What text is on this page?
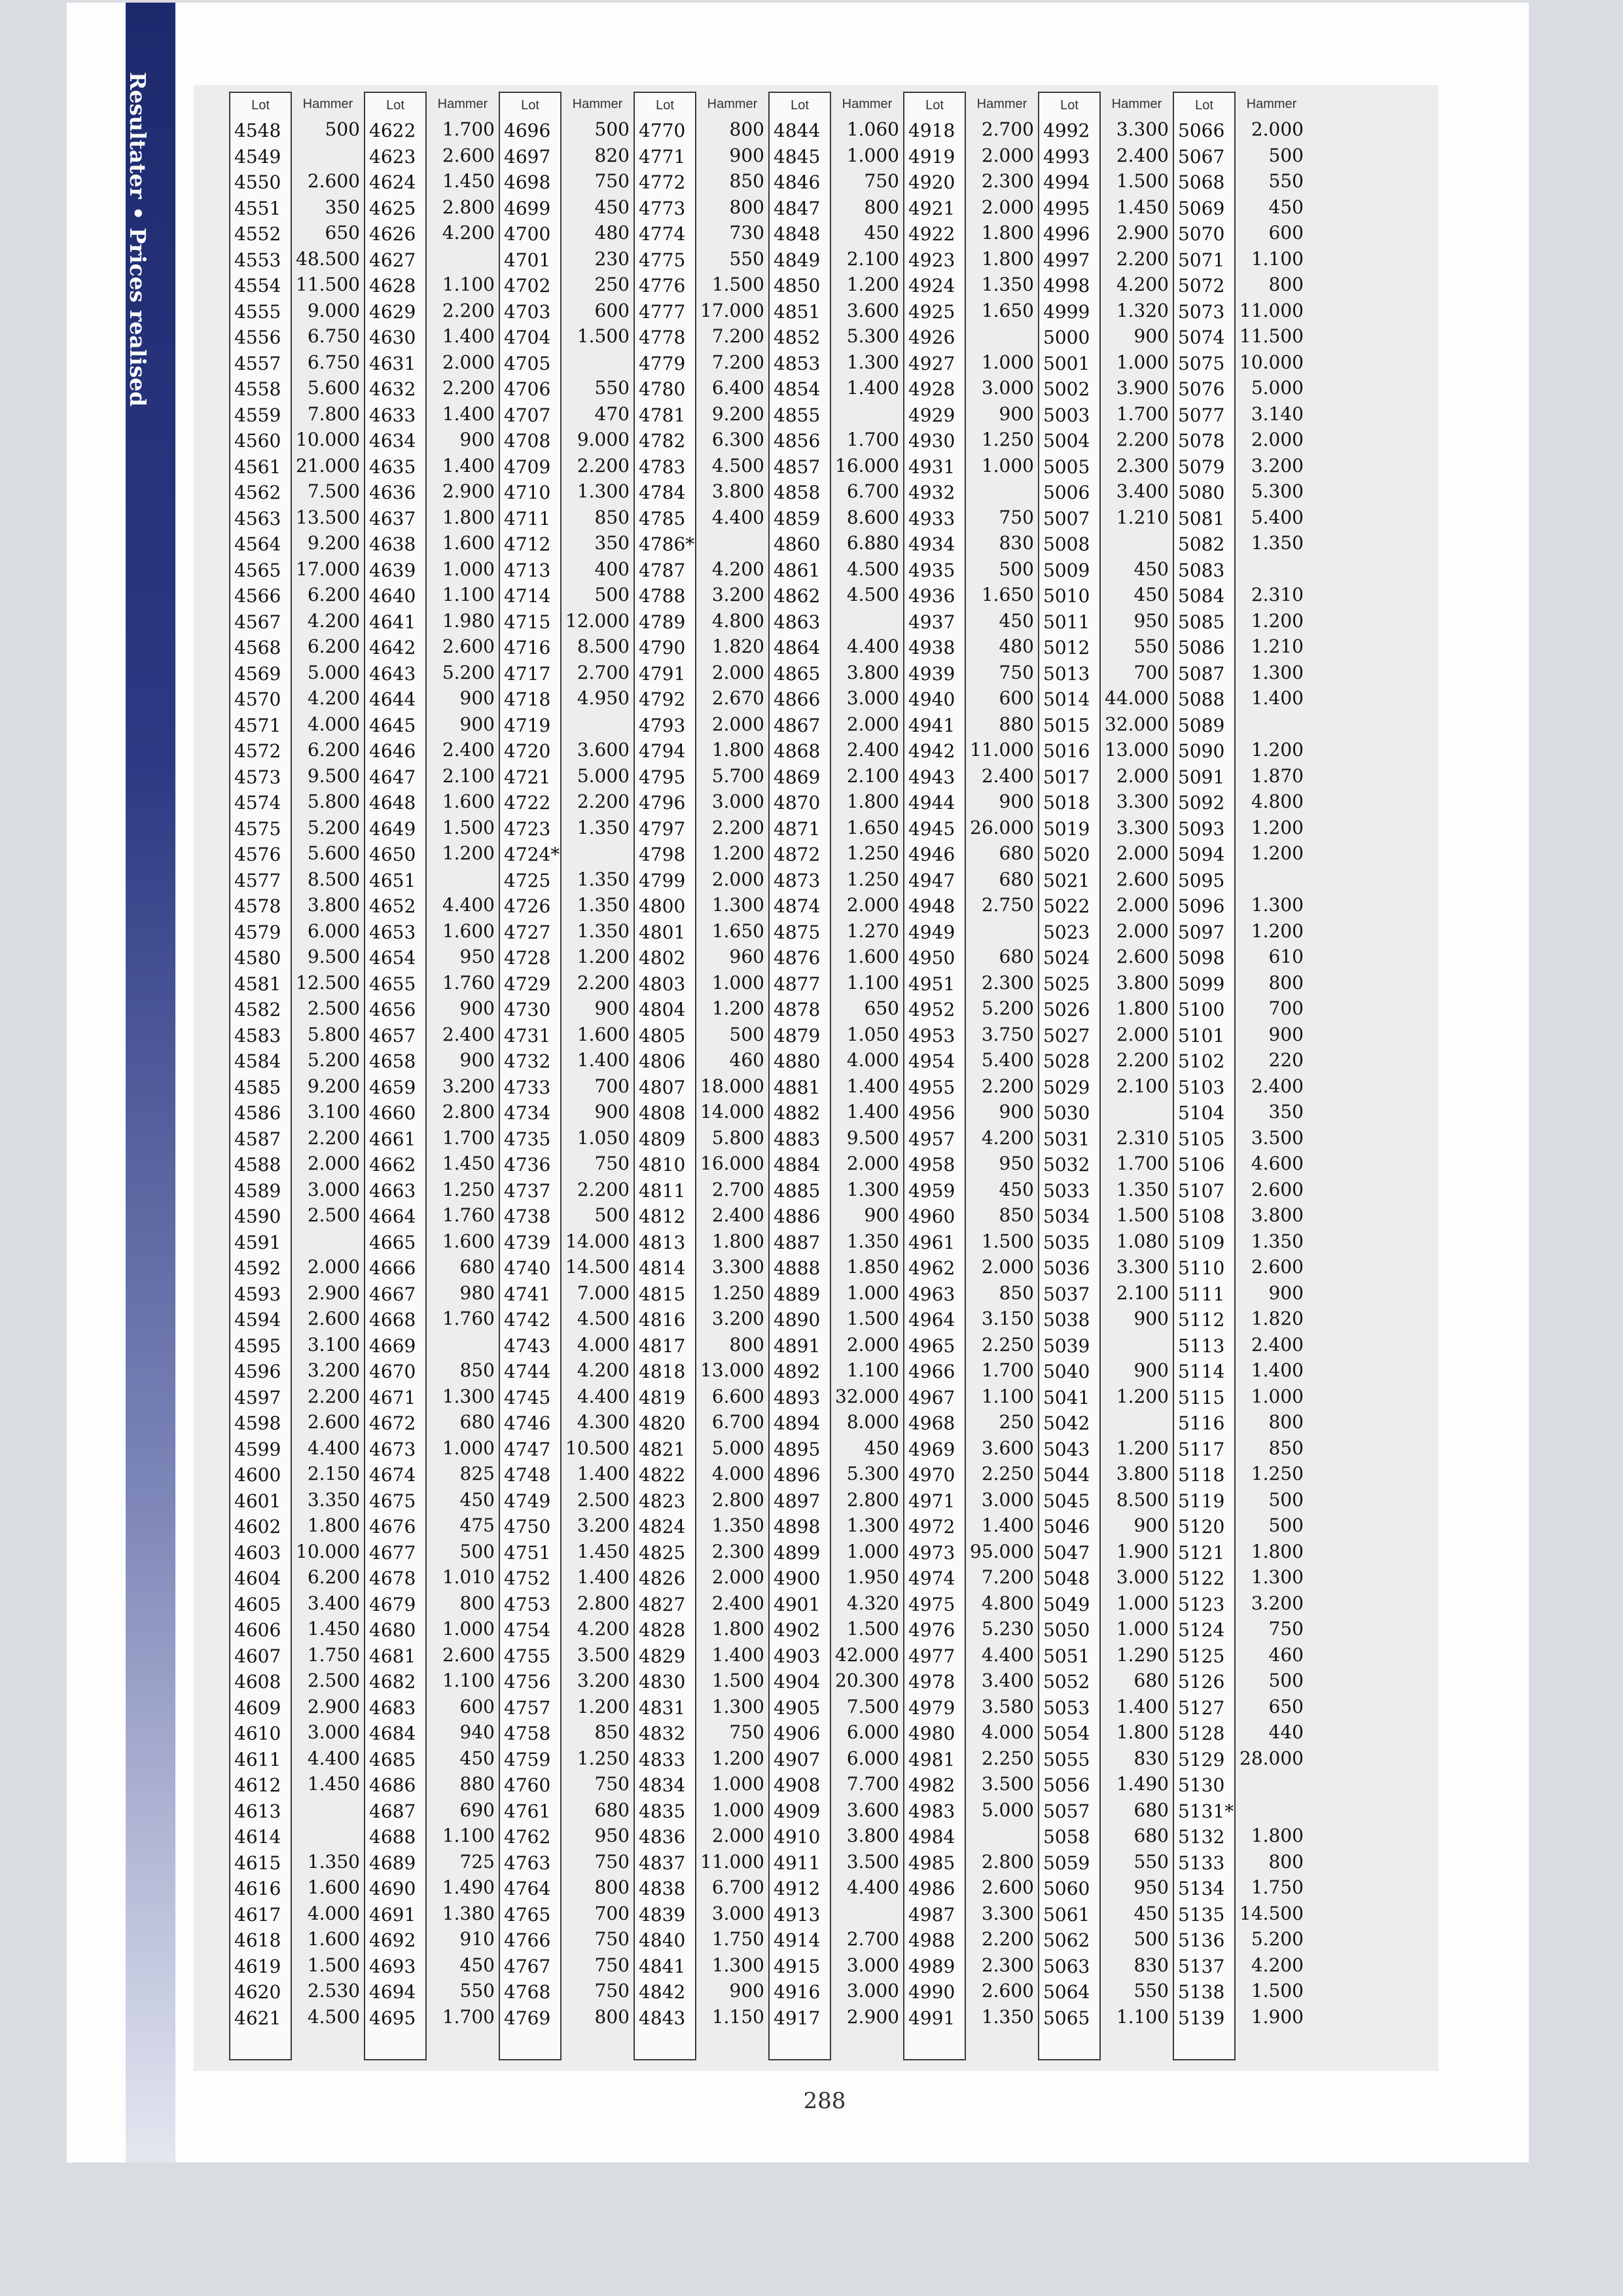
Resultater • Prices realised	Lot
4548
4549
4550
4551
4552
4553
4554
4555
4556
4557
4558
4559
4560
4561
4562
4563
4564
4565
4566
4567
4568
4569
4570
4571
4572
4573
4574
4575
4576
4577
4578
4579
4580
4581
4582
4583
4584
4585
4586
4587
4588
4589
4590
4591
4592
4593
4594
4595
4596
4597
4598
4599
4600
4601
4602
4603
4604
4605
4606
4607
4608
4609
4610
4611
4612
4613
4614
4615
4616
4617
4618
4619
4620
4621
Hammer
500
2.600
350
650
48.500
11.500
9.000
6.750
6.750
5.600
7.800
10.000
21.000
7.500
13.500
9.200
17.000
6.200
4.200
6.200
5.000
4.200
4.000
6.200
9.500
5.800
5.200
5.600
8.500
3.800
6.000
9.500
12.500
2.500
5.800
5.200
9.200
3.100
2.200
2.000
3.000
2.500
2.000
2.900
2.600
3.100
3.200
2.200
2.600
4.400
2.150
3.350
1.800
10.000
6.200
3.400
1.450
1.750
2.500
2.900
3.000
4.400
1.450
1.350
1.600
4.000
1.600
1.500
2.530
4.500
Lot
4622
4623
4624
4625
4626
4627
4628
4629
4630
4631
4632
4633
4634
4635
4636
4637
4638
4639
4640
4641
4642
4643
4644
4645
4646
4647
4648
4649
4650
4651
4652
4653
4654
4655
4656
4657
4658
4659
4660
4661
4662
4663
4664
4665
4666
4667
4668
4669
4670
4671
4672
4673
4674
4675
4676
4677
4678
4679
4680
4681
4682
4683
4684
4685
4686
4687
4688
4689
4690
4691
4692
4693
4694
4695
Hammer
1.700
2.600
1.450
2.800
4.200
1.100
2.200
1.400
2.000
2.200
1.400
900
1.400
2.900
1.800
1.600
1.000
1.100
1.980
2.600
5.200
900
900
2.400
2.100
1.600
1.500
1.200
4.400
1.600
950
1.760
900
2.400
900
3.200
2.800
1.700
1.450
1.250
1.760
1.600
680
980
1.760
850
1.300
680
1.000
825
450
475
500
1.010
800
1.000
2.600
1.100
600
940
450
880
690
1.100
725
1.490
1.380
910
450
550
1.700
Lot
4696
4697
4698
4699
4700
4701
4702
4703
4704
4705
4706
4707
4708
4709
4710
4711
4712
4713
4714
4715
4716
4717
4718
4719
4720
4721
4722
4723
4724*
4725
4726
4727
4728
4729
4730
4731
4732
4733
4734
4735
4736
4737
4738
4739
4740
4741
4742
4743
4744
4745
4746
4747
4748
4749
4750
4751
4752
4753
4754
4755
4756
4757
4758
4759
4760
4761
4762
4763
4764
4765
4766
4767
4768
4769
Hammer
500
820
750
450
480
230
250
600
1.500
550
470
9.000
2.200
1.300
850
350
400
500
12.000
8.500
2.700
4.950
3.600
5.000
2.200
1.350
1.350
1.350
1.350
1.200
2.200
900
1.600
1.400
700
900
1.050
750
2.200
500
14.000
14.500
7.000
4.500
4.000
4.200
4.400
4.300
10.500
1.400
2.500
3.200
1.450
1.400
2.800
4.200
3.500
3.200
1.200
850
1.250
750
680
950
750
800
700
750
750
750
800
Lot
4770
4771
4772
4773
4774
4775
4776
4777
4778
4779
4780
4781
4782
4783
4784
4785
4786*
4787
4788
4789
4790
4791
4792
4793
4794
4795
4796
4797
4798
4799
4800
4801
4802
4803
4804
4805
4806
4807
4808
4809
4810
4811
4812
4813
4814
4815
4816
4817
4818
4819
4820
4821
4822
4823
4824
4825
4826
4827
4828
4829
4830
4831
4832
4833
4834
4835
4836
4837
4838
4839
4840
4841
4842
4843
Hammer
800
900
850
800
730
550
1.500
17.000
7.200
7.200
6.400
9.200
6.300
4.500
3.800
4.400
4.200
3.200
4.800
1.820
2.000
2.670
2.000
1.800
5.700
3.000
2.200
1.200
2.000
1.300
1.650
960
1.000
1.200
500
460
18.000
14.000
5.800
16.000
2.700
2.400
1.800
3.300
1.250
3.200
800
13.000
6.600
6.700
5.000
4.000
2.800
1.350
2.300
2.000
2.400
1.800
1.400
1.500
1.300
750
1.200
1.000
1.000
2.000
11.000
6.700
3.000
1.750
1.300
900
1.150
Lot
4844
4845
4846
4847
4848
4849
4850
4851
4852
4853
4854
4855
4856
4857
4858
4859
4860
4861
4862
4863
4864
4865
4866
4867
4868
4869
4870
4871
4872
4873
4874
4875
4876
4877
4878
4879
4880
4881
4882
4883
4884
4885
4886
4887
4888
4889
4890
4891
4892
4893
4894
4895
4896
4897
4898
4899
4900
4901
4902
4903
4904
4905
4906
4907
4908
4909
4910
4911
4912
4913
4914
4915
4916
4917
Hammer
1.060
1.000
750
800
450
2.100
1.200
3.600
5.300
1.300
1.400
1.700
16.000
6.700
8.600
6.880
4.500
4.500
4.400
3.800
3.000
2.000
2.400
2.100
1.800
1.650
1.250
1.250
2.000
1.270
1.600
1.100
650
1.050
4.000
1.400
1.400
9.500
2.000
1.300
900
1.350
1.850
1.000
1.500
2.000
1.100
32.000
8.000
450
5.300
2.800
1.300
1.000
1.950
4.320
1.500
42.000
20.300
7.500
6.000
6.000
7.700
3.600
3.800
3.500
4.400
2.700
3.000
3.000
2.900
Lot
4918
4919
4920
4921
4922
4923
4924
4925
4926
4927
4928
4929
4930
4931
4932
4933
4934
4935
4936
4937
4938
4939
4940
4941
4942
4943
4944
4945
4946
4947
4948
4949
4950
4951
4952
4953
4954
4955
4956
4957
4958
4959
4960
4961
4962
4963
4964
4965
4966
4967
4968
4969
4970
4971
4972
4973
4974
4975
4976
4977
4978
4979
4980
4981
4982
4983
4984
4985
4986
4987
4988
4989
4990
4991
Hammer
2.700
2.000
2.300
2.000
1.800
1.800
1.350
1.650
1.000
3.000
900
1.250
1.000
750
830
500
1.650
450
480
750
600
880
11.000
2.400
900
26.000
680
680
2.750
680
2.300
5.200
3.750
5.400
2.200
900
4.200
950
450
850
1.500
2.000
850
3.150
2.250
1.700
1.100
250
3.600
2.250
3.000
1.400
95.000
7.200
4.800
5.230
4.400
3.400
3.580
4.000
2.250
3.500
5.000
2.800
2.600
3.300
2.200
2.300
2.600
1.350
Lot
4992
4993
4994
4995
4996
4997
4998
4999
5000
5001
5002
5003
5004
5005
5006
5007
5008
5009
5010
5011
5012
5013
5014
5015
5016
5017
5018
5019
5020
5021
5022
5023
5024
5025
5026
5027
5028
5029
5030
5031
5032
5033
5034
5035
5036
5037
5038
5039
5040
5041
5042
5043
5044
5045
5046
5047
5048
5049
5050
5051
5052
5053
5054
5055
5056
5057
5058
5059
5060
5061
5062
5063
5064
5065
Hammer
3.300
2.400
1.500
1.450
2.900
2.200
4.200
1.320
900
1.000
3.900
1.700
2.200
2.300
3.400
1.210
450
450
950
550
700
44.000
32.000
13.000
2.000
3.300
3.300
2.000
2.600
2.000
2.000
2.600
3.800
1.800
2.000
2.200
2.100
2.310
1.700
1.350
1.500
1.080
3.300
2.100
900
900
1.200
1.200
3.800
8.500
900
1.900
3.000
1.000
1.000
1.290
680
1.400
1.800
830
1.490
680
680
550
950
450
500
830
550
1.100
Lot
5066
5067
5068
5069
5070
5071
5072
5073
5074
5075
5076
5077
5078
5079
5080
5081
5082
5083
5084
5085
5086
5087
5088
5089
5090
5091
5092
5093
5094
5095
5096
5097
5098
5099
5100
5101
5102
5103
5104
5105
5106
5107
5108
5109
5110
5111
5112
5113
5114
5115
5116
5117
5118
5119
5120
5121
5122
5123
5124
5125
5126
5127
5128
5129
5130
5131*
5132
5133
5134
5135
5136
5137
5138
5139
Hammer
2.000
500
550
450
600
1.100
800
11.000
11.500
10.000
5.000
3.140
2.000
3.200
5.300
5.400
1.350
2.310
1.200
1.210
1.300
1.400
1.200
1.870
4.800
1.200
1.200
1.300
1.200
610
800
700
900
220
2.400
350
3.500
4.600
2.600
3.800
1.350
2.600
900
1.820
2.400
1.400
1.000
800
850
1.250
500
500
1.800
1.300
3.200
750
460
500
650
440
28.000
1.800
800
1.750
14.500
5.200
4.200
1.500
1.900
288
